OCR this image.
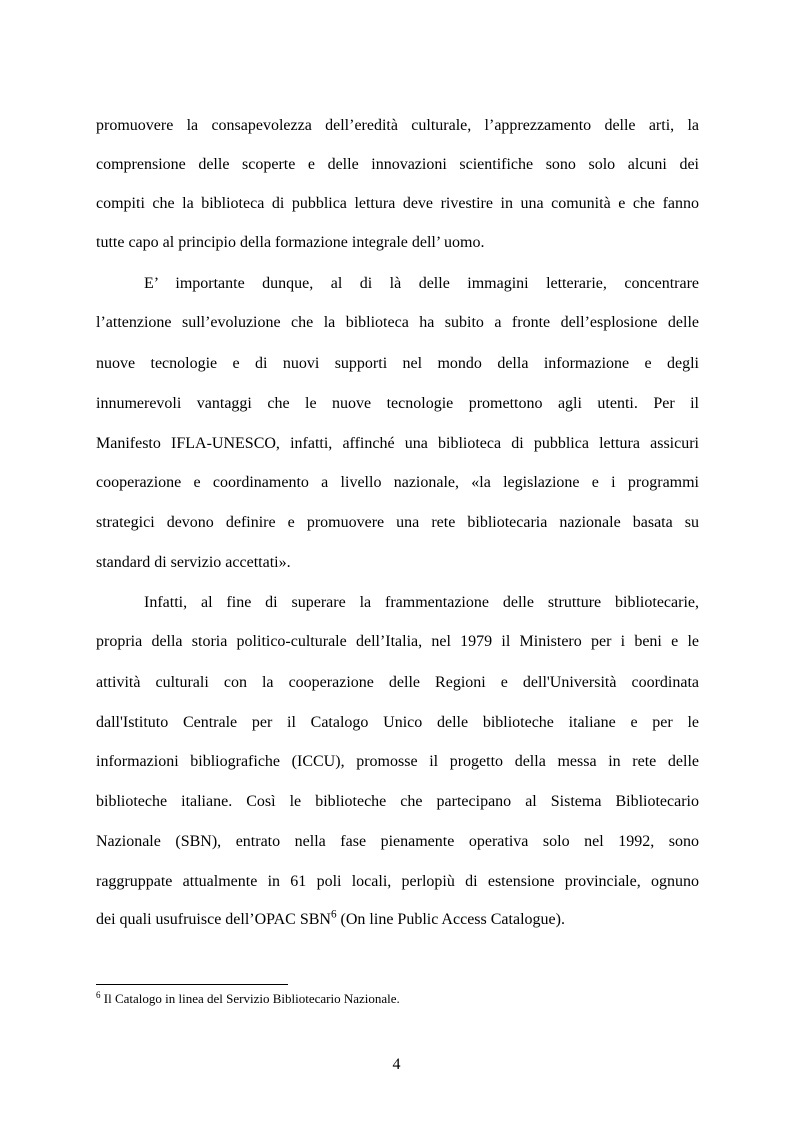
promuovere la consapevolezza dell’eredità culturale, l’apprezzamento delle arti, la
comprensione delle scoperte e delle innovazioni scientifiche sono solo alcuni dei
compiti che la biblioteca di pubblica lettura deve rivestire in una comunità e che fanno
tutte capo al principio della formazione integrale dell’ uomo.
E’ importante dunque, al di là delle immagini letterarie, concentrare
l’attenzione sull’evoluzione che la biblioteca ha subito a fronte dell’esplosione delle
nuove tecnologie e di nuovi supporti nel mondo della informazione e degli
innumerevoli vantaggi che le nuove tecnologie promettono agli utenti. Per il
Manifesto IFLA-UNESCO, infatti, affinché una biblioteca di pubblica lettura assicuri
cooperazione e coordinamento a livello nazionale, «la legislazione e i programmi
strategici devono definire e promuovere una rete bibliotecaria nazionale basata su
standard di servizio accettati».
Infatti, al fine di superare la frammentazione delle strutture bibliotecarie,
propria della storia politico-culturale dell’Italia, nel 1979 il Ministero per i beni e le
attività culturali con la cooperazione delle Regioni e dell'Università coordinata
dall'Istituto Centrale per il Catalogo Unico delle biblioteche italiane e per le
informazioni bibliografiche (ICCU), promosse il progetto della messa in rete delle
biblioteche italiane. Così le biblioteche che partecipano al Sistema Bibliotecario
Nazionale (SBN), entrato nella fase pienamente operativa solo nel 1992, sono
raggruppate attualmente in 61 poli locali, perlopiù di estensione provinciale, ognuno
dei quali usufruisce dell’OPAC SBN$^6$ (On line Public Access Catalogue).
$^6$ Il Catalogo in linea del Servizio Bibliotecario Nazionale.
4
